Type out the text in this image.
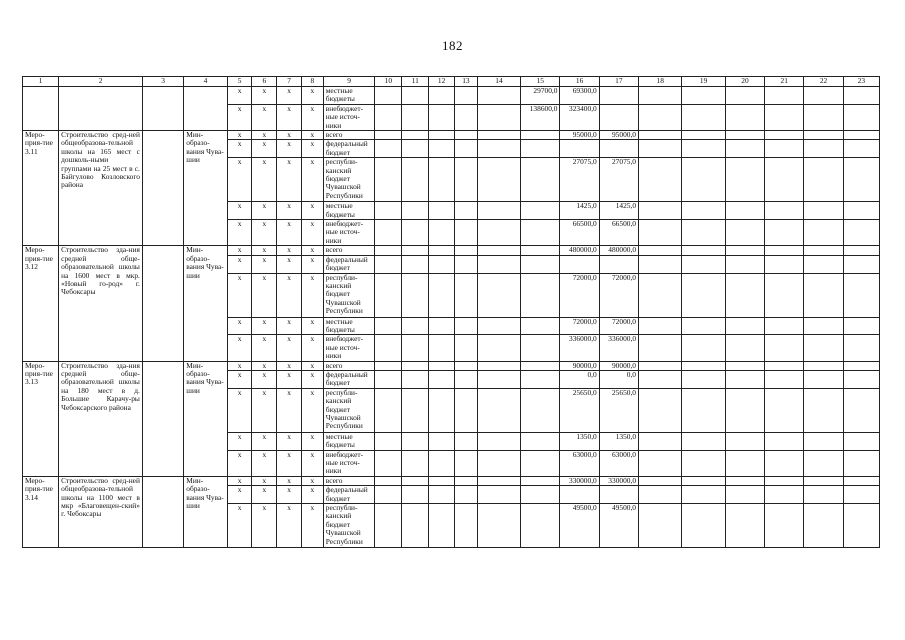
182
1	2	3	4	5	6	7	8	9	10	11	12	13	14	15	16	17	18	19	20	21	22	23
				х	х	х	х	местные бюджеты						29700,0	69300,0							
				х	х	х	х	внебюджет-ные источ-ники						138600,0	323400,0							
Меро-прия-тие 3.11	Строительство сред-ней общеобразова-тельной школы на 165 мест с дошколь-ными группами на 25 мест в с. Байгулово Козловского района		Мин-образо-вания Чува-шии	х	х	х	х	всего							95000,0	95000,0						
				х	х	х	х	федеральный бюджет														
				х	х	х	х	республи-канский бюджет Чувашской Республики							27075,0	27075,0						
				х	х	х	х	местные бюджеты							1425,0	1425,0						
				х	х	х	х	внебюджет-ные источ-ники							66500,0	66500,0						
Меро-прия-тие 3.12	Строительство зда-ния средней обще-образовательной школы на 1600 мест в мкр. «Новый го-род» г. Чебоксары		Мин-образо-вания Чува-шии	х	х	х	х	всего							480000,0	480000,0						
				х	х	х	х	федеральный бюджет														
				х	х	х	х	республи-канский бюджет Чувашской Республики							72000,0	72000,0						
				х	х	х	х	местные бюджеты							72000,0	72000,0						
				х	х	х	х	внебюджет-ные источ-ники							336000,0	336000,0						
Меро-прия-тие 3.13	Строительство зда-ния средней обще-образовательной школы на 180 мест в д. Большие Карачу-ры Чебоксарского района		Мин-образо-вания Чува-шии	х	х	х	х	всего							90000,0	90000,0						
				х	х	х	х	федеральный бюджет							0,0	0,0						
				х	х	х	х	республи-канский бюджет Чувашской Республики							25650,0	25650,0						
				х	х	х	х	местные бюджеты							1350,0	1350,0						
				х	х	х	х	внебюджет-ные источ-ники							63000,0	63000,0						
Меро-прия-тие 3.14	Строительство сред-ней общеобразова-тельной школы на 1100 мест в мкр «Благовещен-ский» г. Чебоксары		Мин-образо-вания Чува-шии	х	х	х	х	всего							330000,0	330000,0						
				х	х	х	х	федеральный бюджет														
				х	х	х	х	республи-канский бюджет Чувашской Республики							49500,0	49500,0						
